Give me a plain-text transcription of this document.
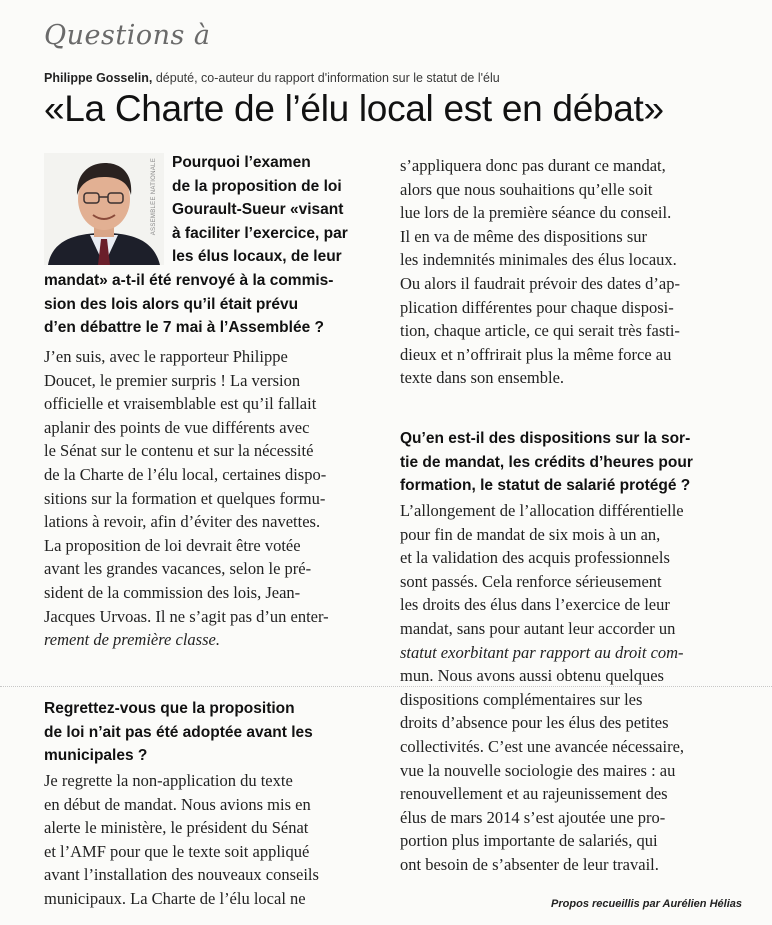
Questions à
Philippe Gosselin, député, co-auteur du rapport d'information sur le statut de l'élu
«La Charte de l’élu local est en débat»
ASSEMBLÉE NATIONALE Pourquoi l’examen
de la proposition de loi
Gourault-Sueur «visant
à faciliter l’exercice, par
les élus locaux, de leur
mandat» a-t-il été renvoyé à la commis-
sion des lois alors qu’il était prévu
d’en débattre le 7 mai à l’Assemblée ?
J’en suis, avec le rapporteur Philippe
Doucet, le premier surpris ! La version
officielle et vraisemblable est qu’il fallait
aplanir des points de vue différents avec
le Sénat sur le contenu et sur la nécessité
de la Charte de l’élu local, certaines dispo-
sitions sur la formation et quelques formu-
lations à revoir, afin d’éviter des navettes.
La proposition de loi devrait être votée
avant les grandes vacances, selon le pré-
sident de la commission des lois, Jean-
Jacques Urvoas. Il ne s’agit pas d’un enter-
rement de première classe.
Regrettez-vous que la proposition
de loi n’ait pas été adoptée avant les
municipales ?
Je regrette la non-application du texte
en début de mandat. Nous avions mis en
alerte le ministère, le président du Sénat
et l’AMF pour que le texte soit appliqué
avant l’installation des nouveaux conseils
municipaux. La Charte de l’élu local ne
s’appliquera donc pas durant ce mandat,
alors que nous souhaitions qu’elle soit
lue lors de la première séance du conseil.
Il en va de même des dispositions sur
les indemnités minimales des élus locaux.
Ou alors il faudrait prévoir des dates d’ap-
plication différentes pour chaque disposi-
tion, chaque article, ce qui serait très fasti-
dieux et n’offrirait plus la même force au
texte dans son ensemble.
Qu’en est-il des dispositions sur la sor-
tie de mandat, les crédits d’heures pour
formation, le statut de salarié protégé ?
L’allongement de l’allocation différentielle
pour fin de mandat de six mois à un an,
et la validation des acquis professionnels
sont passés. Cela renforce sérieusement
les droits des élus dans l’exercice de leur
mandat, sans pour autant leur accorder un
statut exorbitant par rapport au droit com-
mun. Nous avons aussi obtenu quelques
dispositions complémentaires sur les
droits d’absence pour les élus des petites
collectivités. C’est une avancée nécessaire,
vue la nouvelle sociologie des maires : au
renouvellement et au rajeunissement des
élus de mars 2014 s’est ajoutée une pro-
portion plus importante de salariés, qui
ont besoin de s’absenter de leur travail.
Propos recueillis par Aurélien Hélias
